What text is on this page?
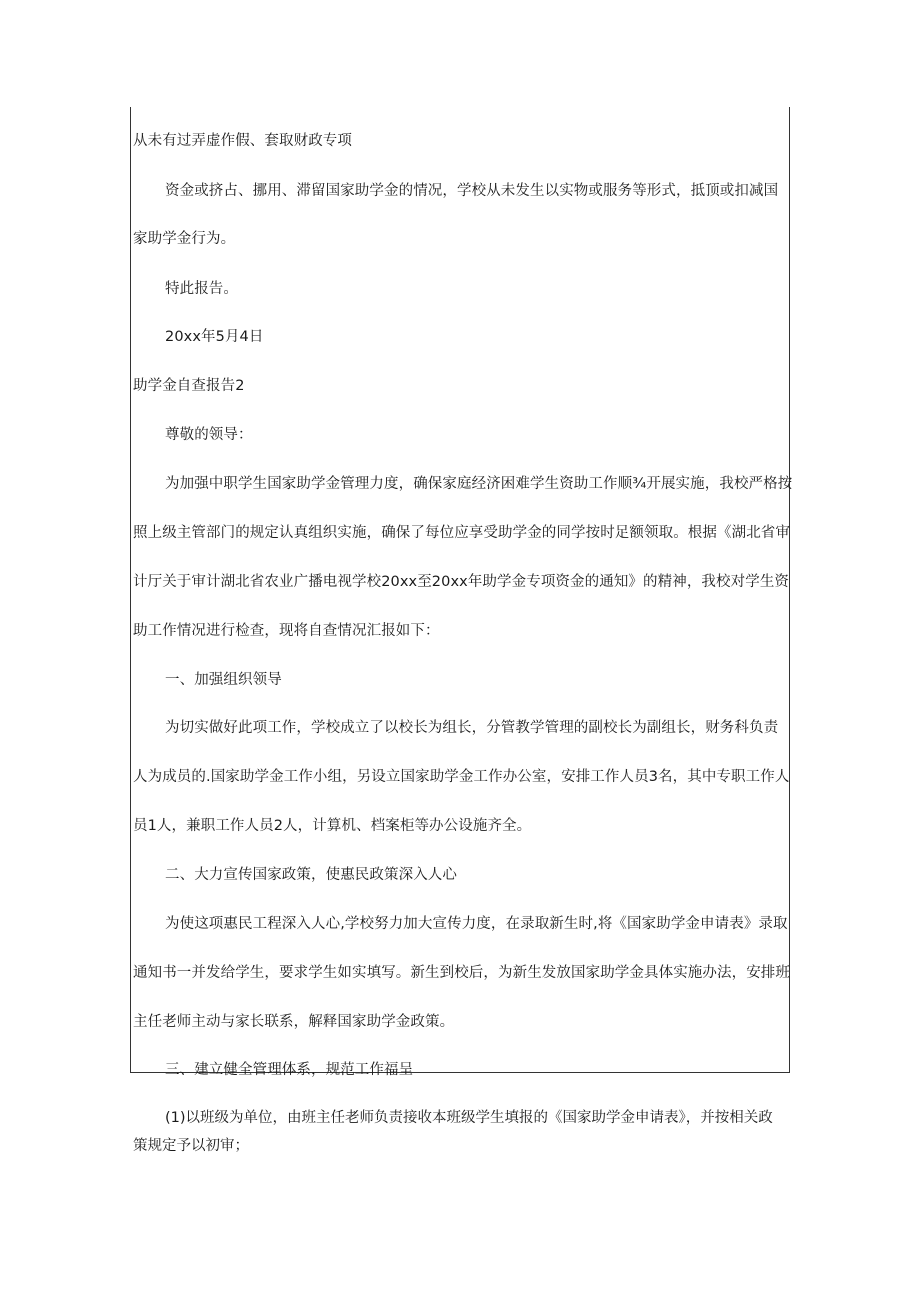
从未有过弄虚作假、套取财政专项
资金或挤占、挪用、滞留国家助学金的情况，学校从未发生以实物或服务等形式，抵顶或扣减国
家助学金行为。
特此报告。
20xx年5月4日
助学金自查报告2
尊敬的领导：
为加强中职学生国家助学金管理力度，确保家庭经济困难学生资助工作顺¾开展实施，我校严格按
照上级主管部门的规定认真组织实施，确保了每位应享受助学金的同学按时足额领取。根据《湖北省审
计厅关于审计湖北省农业广播电视学校20xx至20xx年助学金专项资金的通知》的精神，我校对学生资
助工作情况进行检查，现将自查情况汇报如下：
一、加强组织领导
为切实做好此项工作，学校成立了以校长为组长，分管教学管理的副校长为副组长，财务科负责
人为成员的.国家助学金工作小组，另设立国家助学金工作办公室，安排工作人员3名，其中专职工作人
员1人，兼职工作人员2人，计算机、档案柜等办公设施齐全。
二、大力宣传国家政策，使惠民政策深入人心
为使这项惠民工程深入人心,学校努力加大宣传力度，在录取新生时,将《国家助学金申请表》录取
通知书一并发给学生，要求学生如实填写。新生到校后，为新生发放国家助学金具体实施办法，安排班
主任老师主动与家长联系，解释国家助学金政策。
三、建立健全管理体系，规范工作福呈
(1)以班级为单位，由班主任老师负责接收本班级学生填报的《国家助学金申请表》，并按相关政
策规定予以初审；
